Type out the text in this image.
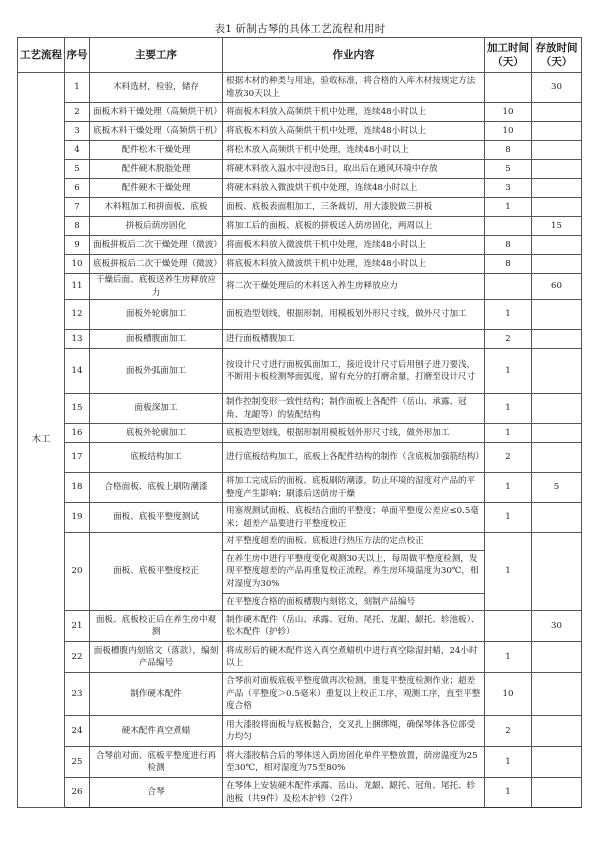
表1 斫制古琴的具体工艺流程和用时
工艺流程	序号	主要工序	作业内容	加工时间（天）	存放时间（天）
木工	1	木料选材，检验，储存	根据木材的种类与用途，验收标准，将合格的入库木材按规定方法堆放30天以上		30
	2	面板木料干燥处理（高频烘干机）	将面板木料放入高频烘干机中处理，连续48小时以上	10	
	3	底板木料干燥处理（高频烘干机）	将底板木料放入高频烘干机中处理，连续48小时以上	10	
	4	配件松木干燥处理	将松木放入高频烘干机中处理，连续48小时以上	8	
	5	配件硬木脱脂处理	将硬木料放入温水中浸泡5日，取出后在通风环境中存放	5	
	6	配件硬木干燥处理	将硬木料放入微波烘干机中处理，连续48小时以上	3	
	7	木料粗加工和拼面板、底板	面板、底板表面粗加工，三条裁切，用大漆胶做三拼板	1	
	8	拼板后荫房固化	将加工后的面板、底板的拼板送入荫房固化，两周以上		15
	9	面板拼板后二次干燥处理（微波）	将面板木料放入微波烘干机中处理，连续48小时以上	8	
	10	底板拼板后二次干燥处理（微波）	将底板木料放入微波烘干机中处理，连续48小时以上	8	
	11	干燥后面、底板送养生房释放应力	将二次干燥处理后的木料送入养生房释放应力		60
	12	面板外轮廓加工	面板造型划线，根据形制，用模板划外形尺寸线，做外尺寸加工	1	
	13	面板槽腹面加工	进行面板槽腹加工	2	
	14	面板外弧面加工	按设计尺寸进行面板弧面加工，接近设计尺寸后用刨子进刀要浅，不断用卡板检测琴面弧度，留有充分的打磨余量，打磨至设计尺寸	1	
	15	面板深加工	制作控制变形一致性结构；制作面板上各配件（岳山、承露、冠角、龙龈等）的装配结构	1	
	16	底板外轮廓加工	底板造型划线，根据形制用模板划外形尺寸线，做外形加工	1	
	17	底板结构加工	进行底板结构加工，底板上各配件结构的制作（含底板加强筋结构）	2	
	18	合格面板、底板上刷防潮漆	将加工完成后的面板、底板刷防潮漆，防止环境的湿度对产品的平整度产生影响；刷漆后送荫房干燥	1	5
	19	面板、底板平整度测试	用塞规测试面板、底板结合面的平整度；单面平整度公差应≤0.5毫米；超差产品要进行平整度校正	1	
	20	面板、底板平整度校正	对平整度超差的面板、底板进行热压方法的定点校正
在养生房中进行平整度变化观测30天以上，每周做平整度检测，发现平整度超差的产品再重复校正流程，养生房环境温度为30℃，相对湿度为30%
在平整度合格的面板槽腹内刻铭文，刻制产品编号	1	
	21	面板、底板校正后在养生房中观测	制作硬木配件（岳山、承露、冠角、尾托、龙龈、龈托、轸池板）、松木配件（护轸）		30
	22	面板槽腹内刻铭文（落款），编刻产品编号	将成形后的硬木配件送入真空煮蜡机中进行真空除湿封蜡，24小时以上	1	
	23	制作硬木配件	合琴前对面板底板平整度做再次检测，重复平整度检测作业；超差产品（平整度＞0.5毫米）重复以上校正工序，观测工序，直至平整度合格	10	
	24	硬木配件真空煮蜡	用大漆胶将面板与底板黏合，交叉扎上捆绑绳，确保琴体各位部受力均匀	2	
	25	合琴前对面、底板平整度进行再检测	将大漆胶粘合后的琴体送入荫房固化单件平整放置，荫房温度为25至30℃，相对湿度为75至80%	1	
	26	合琴	在琴体上安装硬木配件承露、岳山、龙龈、龈托、冠角、尾托、轸池板（共9件）及松木护轸（2件）	1	
